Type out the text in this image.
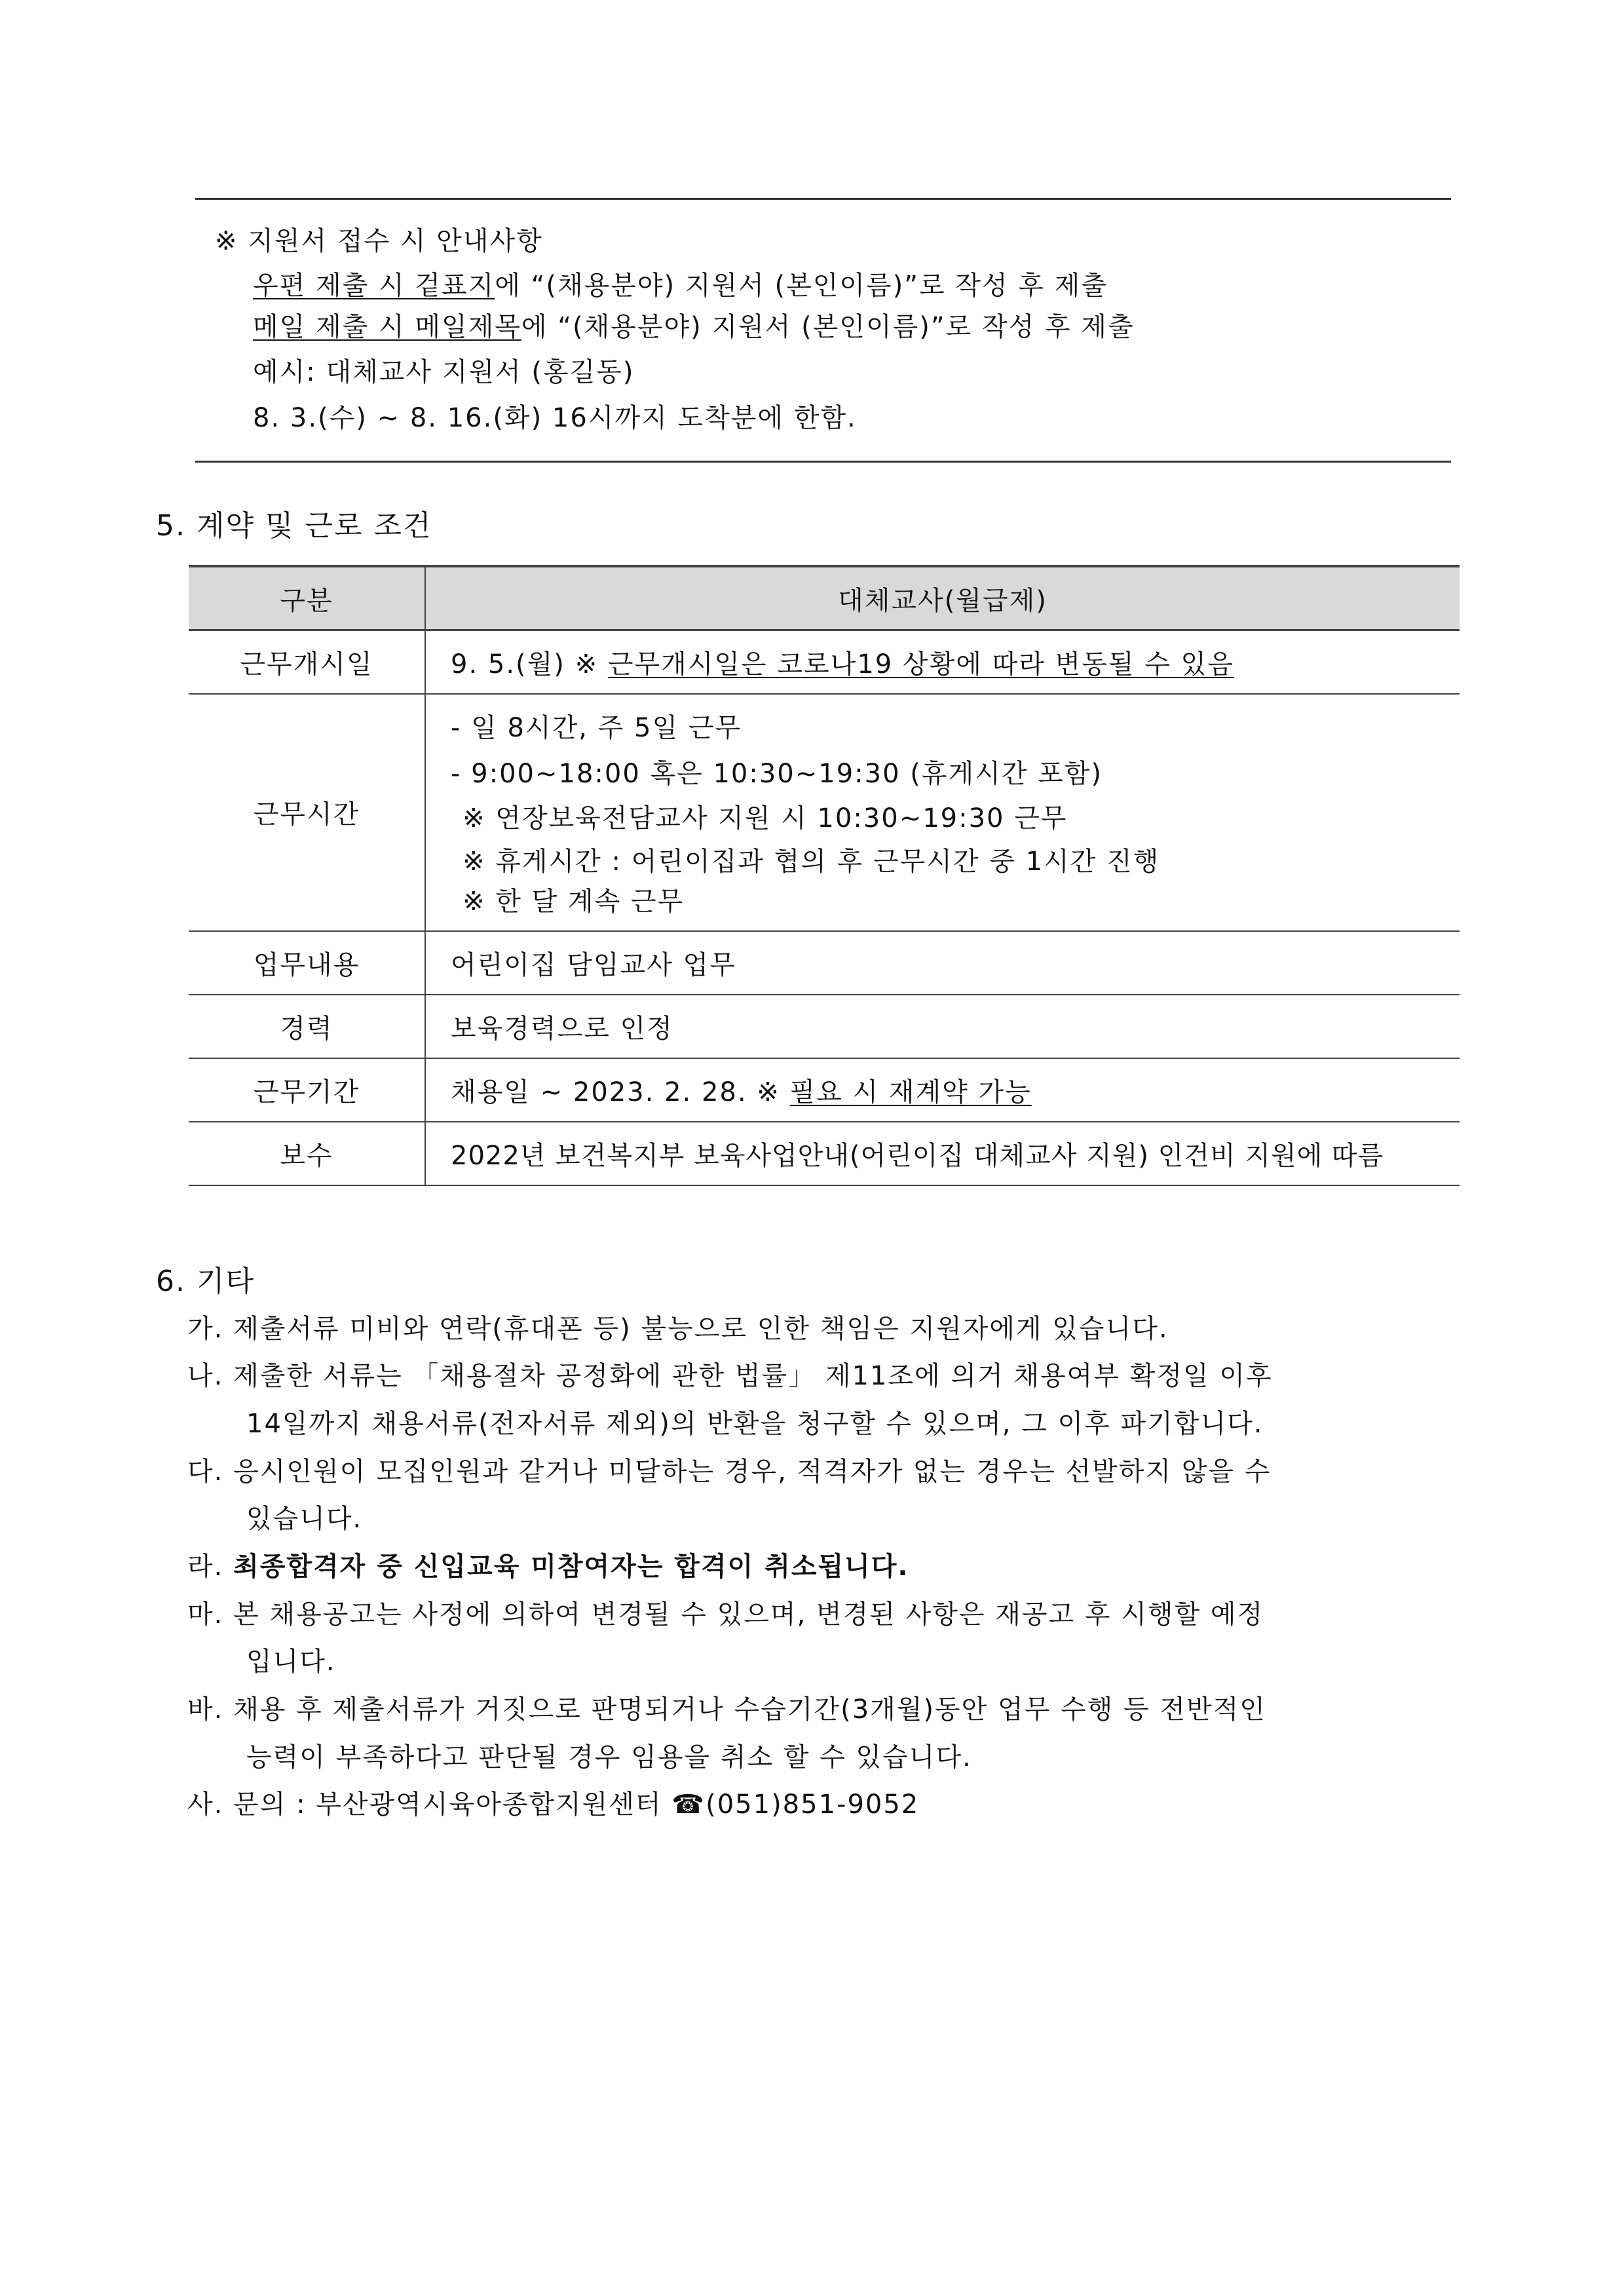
※ 지원서 접수 시 안내사항
우편 제출 시 겉표지에 “(채용분야) 지원서 (본인이름)”로 작성 후 제출
메일 제출 시 메일제목에 “(채용분야) 지원서 (본인이름)”로 작성 후 제출
예시: 대체교사 지원서 (홍길동)
8. 3.(수) ~ 8. 16.(화) 16시까지 도착분에 한함.
5. 계약 및 근로 조건
구분	대체교사(월급제)
근무개시일	9. 5.(월) ※ 근무개시일은 코로나19 상황에 따라 변동될 수 있음
근무시간	- 일 8시간, 주 5일 근무
- 9:00~18:00 혹은 10:30~19:30 (휴게시간 포함)
※ 연장보육전담교사 지원 시 10:30~19:30 근무
※ 휴게시간 : 어린이집과 협의 후 근무시간 중 1시간 진행
※ 한 달 계속 근무

업무내용	어린이집 담임교사 업무
경력	보육경력으로 인정
근무기간	채용일 ~ 2023. 2. 28. ※ 필요 시 재계약 가능
보수	2022년 보건복지부 보육사업안내(어린이집 대체교사 지원) 인건비 지원에 따름
6. 기타
가. 제출서류 미비와 연락(휴대폰 등) 불능으로 인한 책임은 지원자에게 있습니다.
나. 제출한 서류는 「채용절차 공정화에 관한 법률」 제11조에 의거 채용여부 확정일 이후
14일까지 채용서류(전자서류 제외)의 반환을 청구할 수 있으며, 그 이후 파기합니다.
다. 응시인원이 모집인원과 같거나 미달하는 경우, 적격자가 없는 경우는 선발하지 않을 수
있습니다.
라. 최종합격자 중 신입교육 미참여자는 합격이 취소됩니다.
마. 본 채용공고는 사정에 의하여 변경될 수 있으며, 변경된 사항은 재공고 후 시행할 예정
입니다.
바. 채용 후 제출서류가 거짓으로 판명되거나 수습기간(3개월)동안 업무 수행 등 전반적인
능력이 부족하다고 판단될 경우 임용을 취소 할 수 있습니다.
사. 문의 : 부산광역시육아종합지원센터 ☎(051)851-9052
